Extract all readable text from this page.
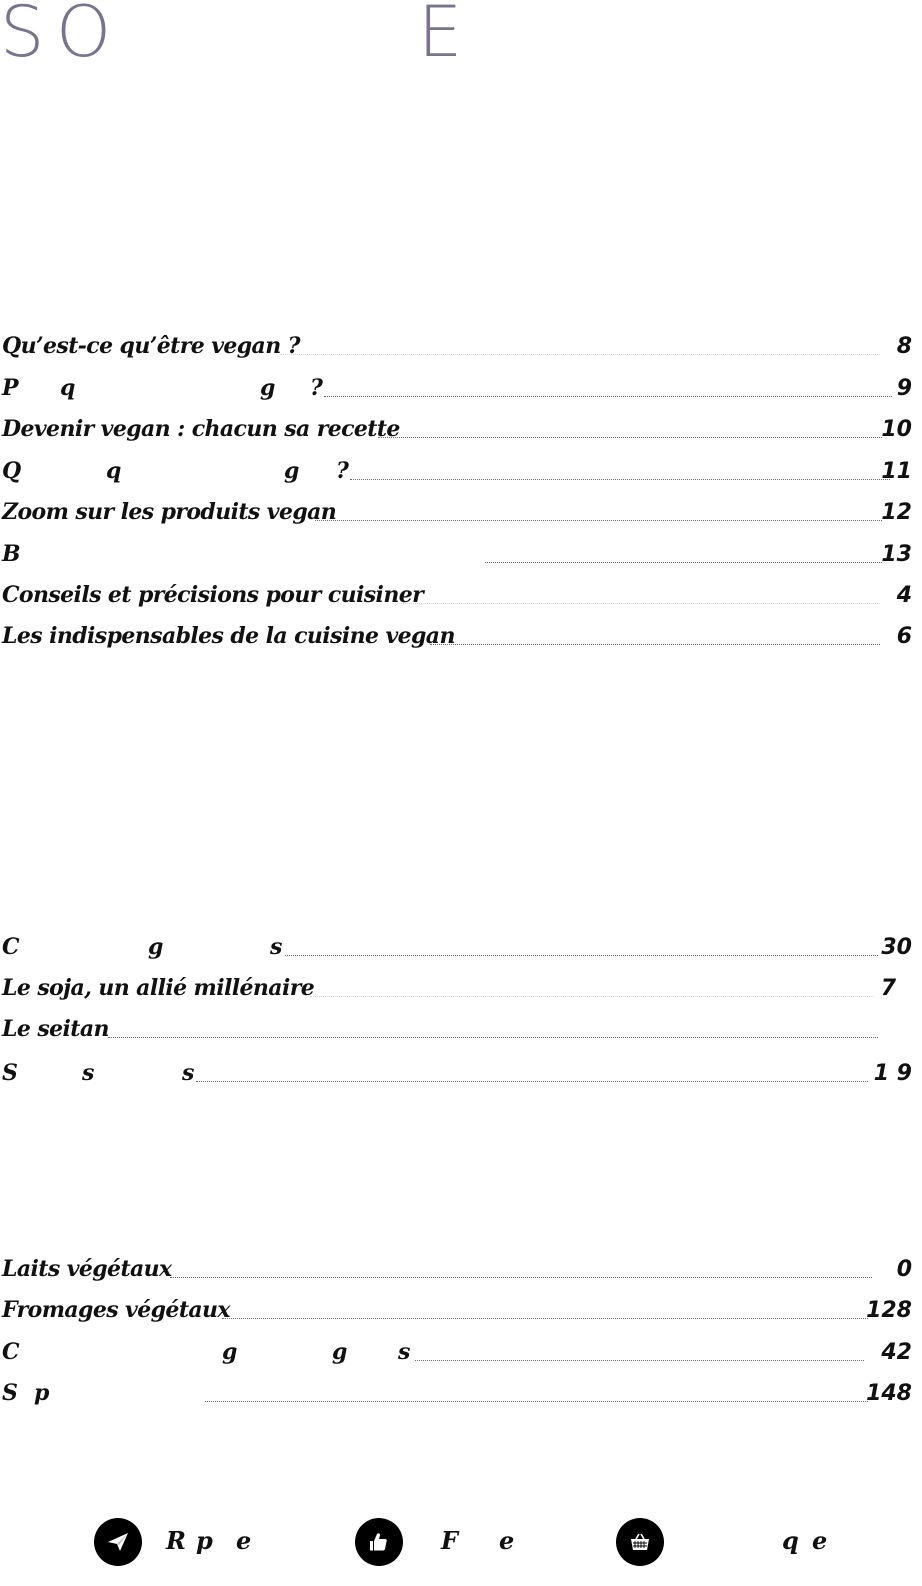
S O	E
Qu’est-ce qu’être vegan ?	8
P q	g ?	9
Devenir vegan : chacun sa recette	10
Q	q	g ?	11
Zoom sur les produits vegan	12
B	13
Conseils et précisions pour cuisiner	4
Les indispensables de la cuisine vegan	6
C	g	s	30
Le soja, un allié millénaire	7
Le seitan
S	s	s	1 9
Laits végétaux	0
Fromages végétaux	128
C	g	g s	42
S p	148
R p e	F e	q e
